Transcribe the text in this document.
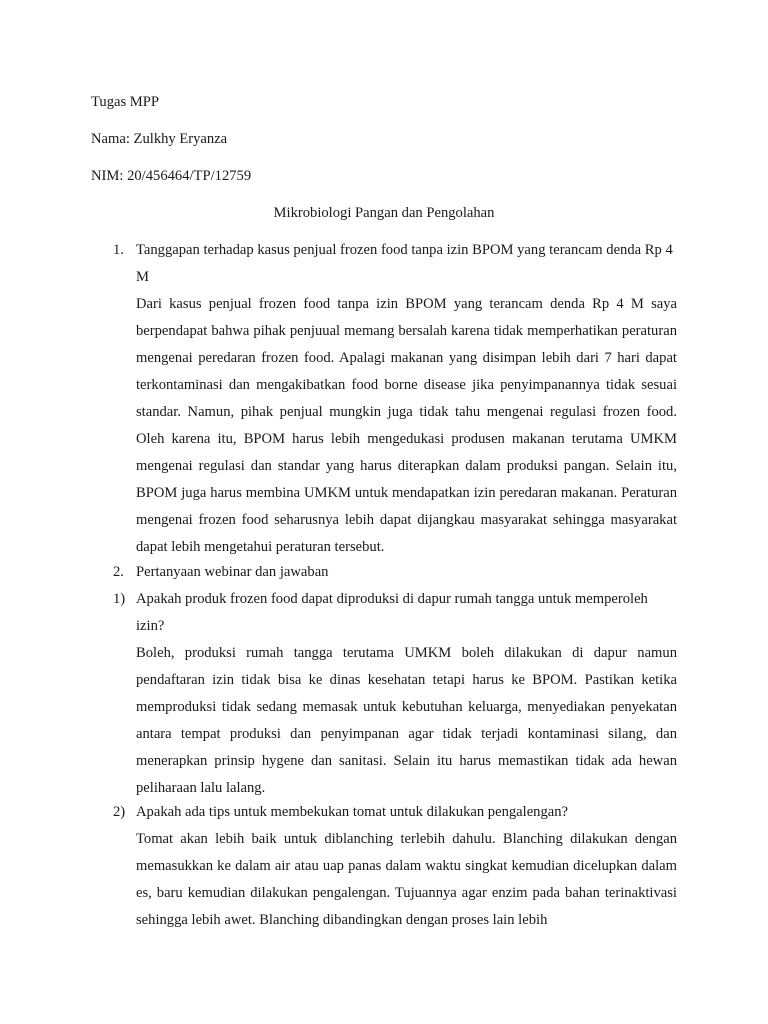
Tugas MPP
Nama: Zulkhy Eryanza
NIM: 20/456464/TP/12759
Mikrobiologi Pangan dan Pengolahan
1. Tanggapan terhadap kasus penjual frozen food tanpa izin BPOM yang terancam denda Rp 4 M

Dari kasus penjual frozen food tanpa izin BPOM yang terancam denda Rp 4 M saya berpendapat bahwa pihak penjuual memang bersalah karena tidak memperhatikan peraturan mengenai peredaran frozen food. Apalagi makanan yang disimpan lebih dari 7 hari dapat terkontaminasi dan mengakibatkan food borne disease jika penyimpanannya tidak sesuai standar. Namun, pihak penjual mungkin juga tidak tahu mengenai regulasi frozen food. Oleh karena itu, BPOM harus lebih mengedukasi produsen makanan terutama UMKM mengenai regulasi dan standar yang harus diterapkan dalam produksi pangan. Selain itu, BPOM juga harus membina UMKM untuk mendapatkan izin peredaran makanan. Peraturan mengenai frozen food seharusnya lebih dapat dijangkau masyarakat sehingga masyarakat dapat lebih mengetahui peraturan tersebut.

2. Pertanyaan webinar dan jawaban

1) Apakah produk frozen food dapat diproduksi di dapur rumah tangga untuk memperoleh izin?

Boleh, produksi rumah tangga terutama UMKM boleh dilakukan di dapur namun pendaftaran izin tidak bisa ke dinas kesehatan tetapi harus ke BPOM. Pastikan ketika memproduksi tidak sedang memasak untuk kebutuhan keluarga, menyediakan penyekatan antara tempat produksi dan penyimpanan agar tidak terjadi kontaminasi silang, dan menerapkan prinsip hygene dan sanitasi. Selain itu harus memastikan tidak ada hewan peliharaan lalu lalang.

2) Apakah ada tips untuk membekukan tomat untuk dilakukan pengalengan?

Tomat akan lebih baik untuk diblanching terlebih dahulu. Blanching dilakukan dengan memasukkan ke dalam air atau uap panas dalam waktu singkat kemudian dicelupkan dalam es, baru kemudian dilakukan pengalengan. Tujuannya agar enzim pada bahan terinaktivasi sehingga lebih awet. Blanching dibandingkan dengan proses lain lebih
